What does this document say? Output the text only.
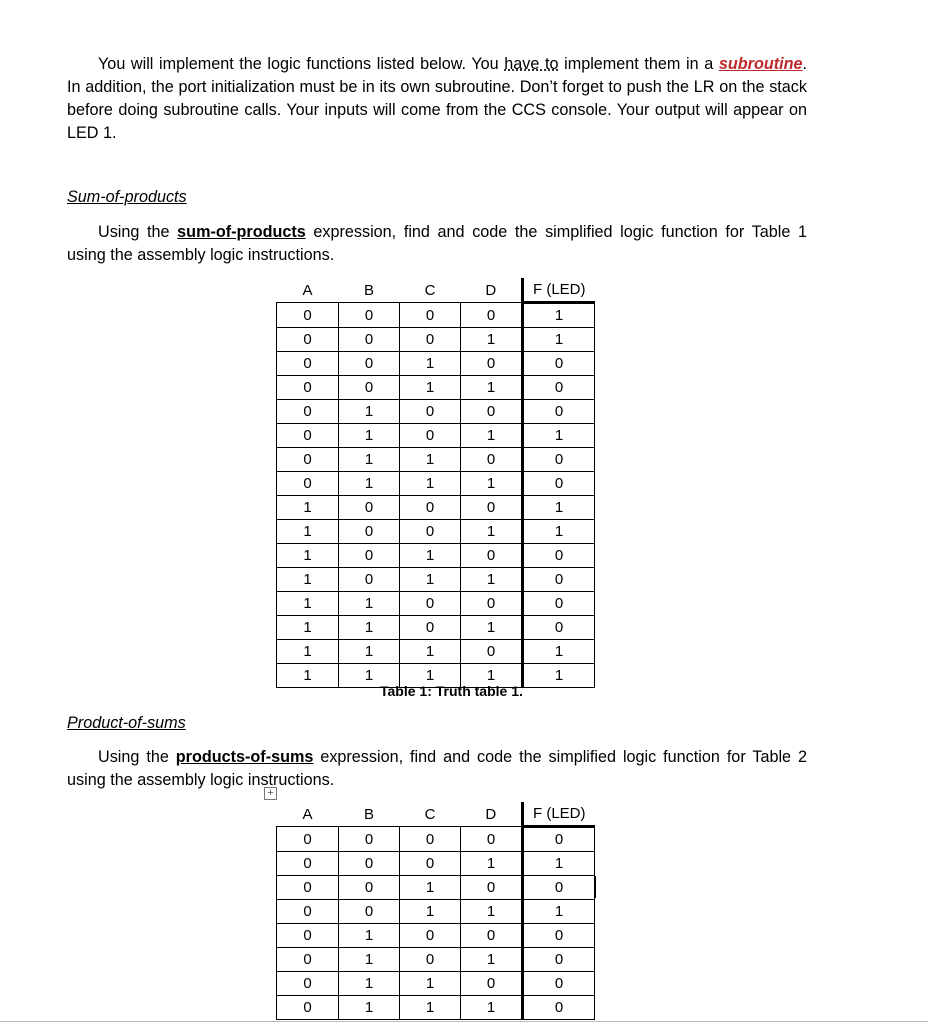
You will implement the logic functions listed below. You have to implement them in a subroutine. In addition, the port initialization must be in its own subroutine. Don’t forget to push the LR on the stack before doing subroutine calls. Your inputs will come from the CCS console. Your output will appear on LED 1.
Sum-of-products
Using the sum-of-products expression, find and code the simplified logic function for Table 1 using the assembly logic instructions.
A	B	C	D	F (LED)
0	0	0	0	1
0	0	0	1	1
0	0	1	0	0
0	0	1	1	0
0	1	0	0	0
0	1	0	1	1
0	1	1	0	0
0	1	1	1	0
1	0	0	0	1
1	0	0	1	1
1	0	1	0	0
1	0	1	1	0
1	1	0	0	0
1	1	0	1	0
1	1	1	0	1
1	1	1	1	1
Table 1: Truth table 1.
Product-of-sums
Using the products-of-sums expression, find and code the simplified logic function for Table 2 using the assembly logic instructions.
+
A	B	C	D	F (LED)
0	0	0	0	0
0	0	0	1	1
0	0	1	0	0
0	0	1	1	1
0	1	0	0	0
0	1	0	1	0
0	1	1	0	0
0	1	1	1	0
